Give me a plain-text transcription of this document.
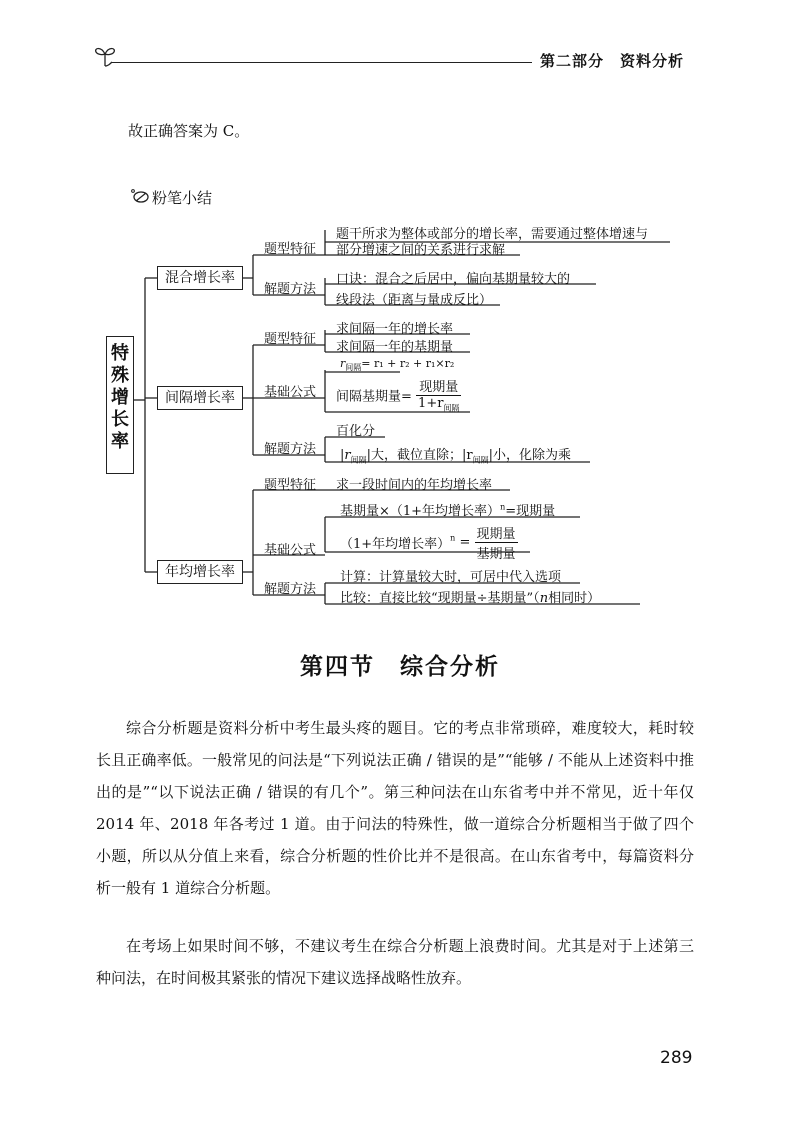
第二部分　资料分析
故正确答案为 C。
粉笔小结
特殊增长率
混合增长率
间隔增长率
年均增长率
题型特征
解题方法
题干所求为整体或部分的增长率，需要通过整体增速与
部分增速之间的关系进行求解
口诀：混合之后居中，偏向基期量较大的
线段法（距离与量成反比）
题型特征
基础公式
解题方法
求间隔一年的增长率
求间隔一年的基期量
$r_{间隔}= r_1 + r_2 + r_1\times r_2$
间隔基期量= $\frac{\text{现期量}}{1+r_{间隔}}$
百化分
$|r_{间隔}|$大，截位直除；$|r_{间隔}|$小，化除为乘
题型特征
基础公式
解题方法
求一段时间内的年均增长率
基期量×（1+年均增长率）$^n$=现期量
（1+年均增长率）$^n = \frac{\text{现期量}}{\text{基期量}}$
计算：计算量较大时，可居中代入选项
比较：直接比较“现期量÷基期量”（n相同时）
第四节　综合分析
综合分析题是资料分析中考生最头疼的题目。它的考点非常琐碎，难度较大，耗时较长且正确率低。一般常见的问法是“下列说法正确 / 错误的是”“能够 / 不能从上述资料中推出的是”“以下说法正确 / 错误的有几个”。第三种问法在山东省考中并不常见，近十年仅 2014 年、2018 年各考过 1 道。由于问法的特殊性，做一道综合分析题相当于做了四个小题，所以从分值上来看，综合分析题的性价比并不是很高。在山东省考中，每篇资料分析一般有 1 道综合分析题。
在考场上如果时间不够，不建议考生在综合分析题上浪费时间。尤其是对于上述第三种问法，在时间极其紧张的情况下建议选择战略性放弃。
289
